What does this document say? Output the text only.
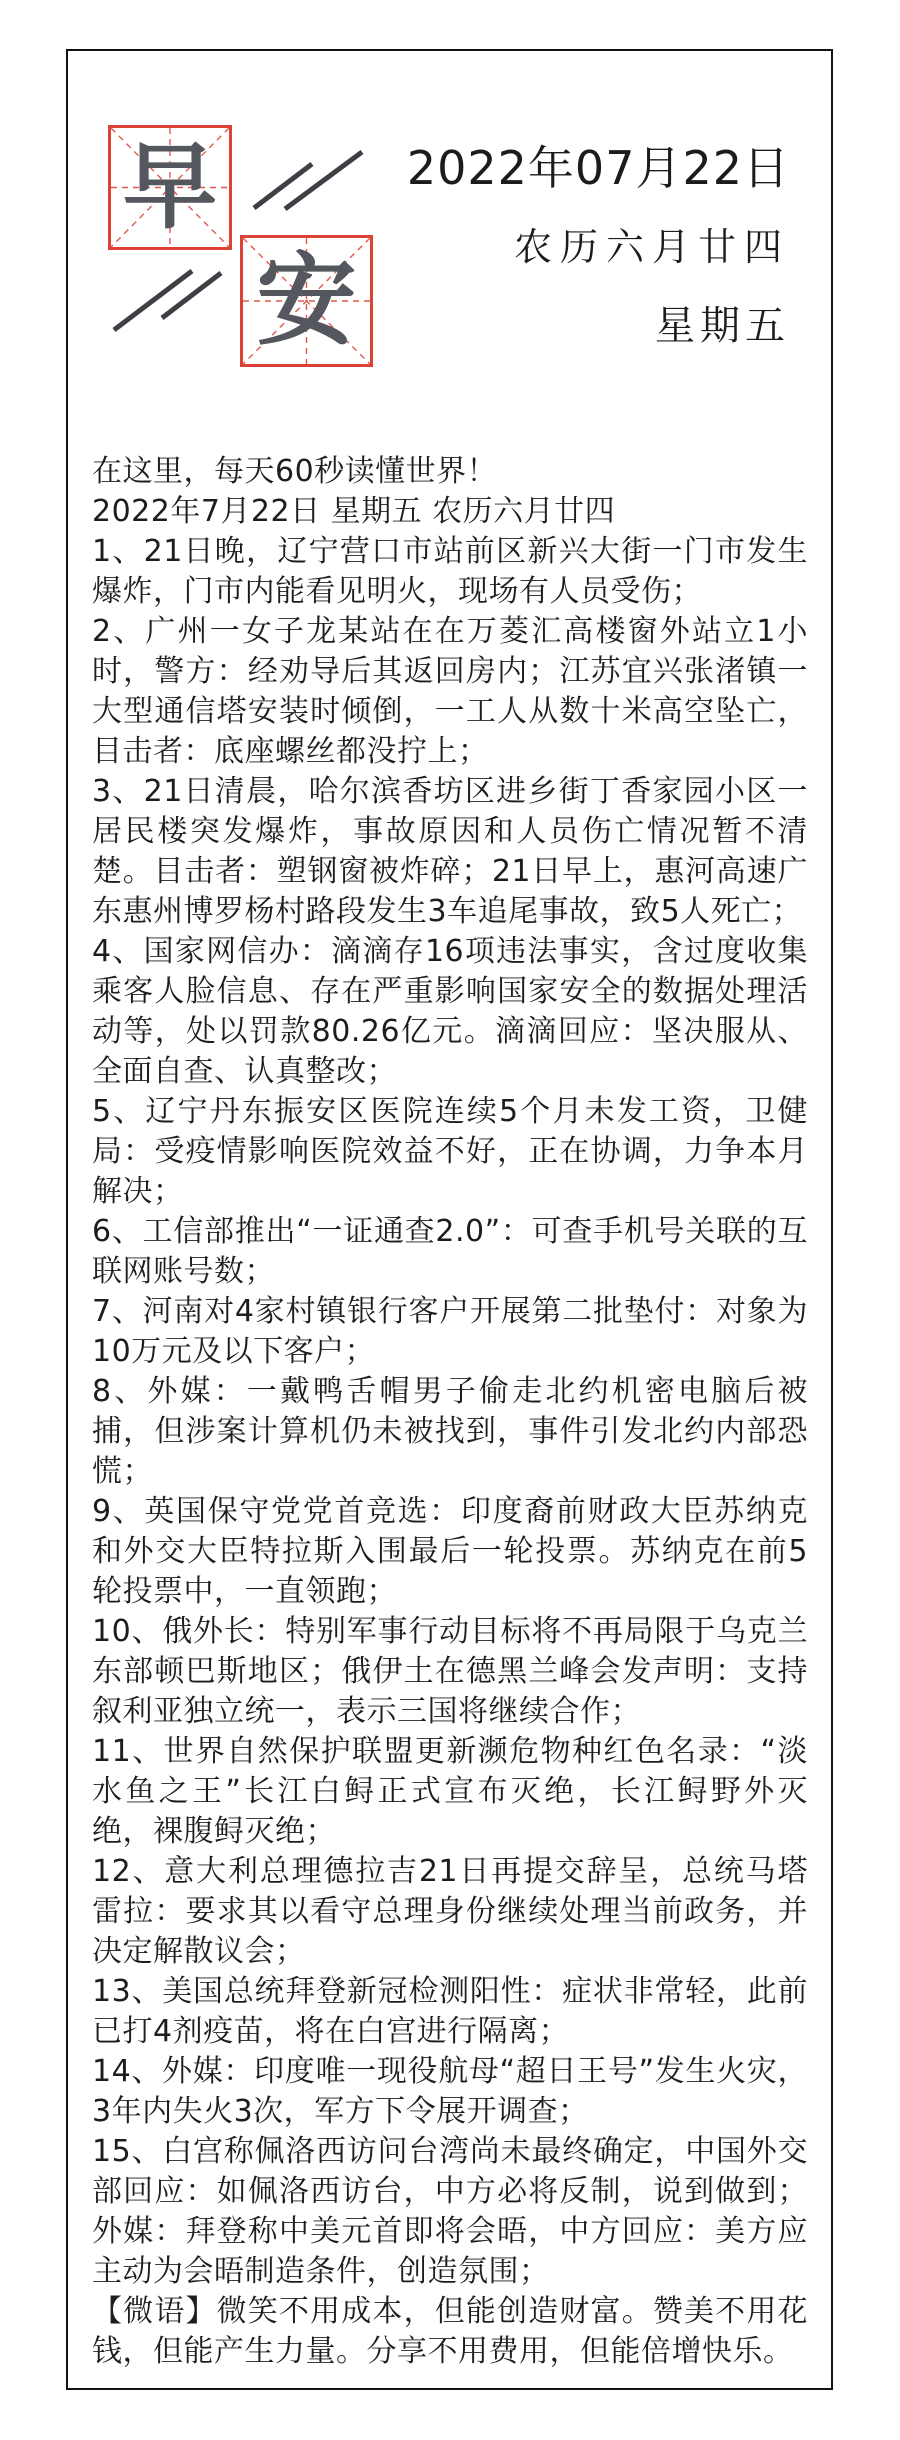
早
安
2022年07月22日
农历六月廿四
星期五

在这里，每天60秒读懂世界！

2022年7月22日 星期五 农历六月廿四

1、21日晚，辽宁营口市站前区新兴大街一门市发生爆炸，门市内能看见明火，现场有人员受伤；

2、广州一女子龙某站在在万菱汇高楼窗外站立1小时，警方：经劝导后其返回房内；江苏宜兴张渚镇一大型通信塔安装时倾倒，一工人从数十米高空坠亡，目击者：底座螺丝都没拧上；

3、21日清晨，哈尔滨香坊区进乡街丁香家园小区一居民楼突发爆炸，事故原因和人员伤亡情况暂不清楚。目击者：塑钢窗被炸碎；21日早上，惠河高速广东惠州博罗杨村路段发生3车追尾事故，致5人死亡；

4、国家网信办：滴滴存16项违法事实，含过度收集乘客人脸信息、存在严重影响国家安全的数据处理活动等，处以罚款80.26亿元。滴滴回应：坚决服从、全面自查、认真整改；

5、辽宁丹东振安区医院连续5个月未发工资，卫健局：受疫情影响医院效益不好，正在协调，力争本月解决；

6、工信部推出“一证通查2.0”：可查手机号关联的互联网账号数；

7、河南对4家村镇银行客户开展第二批垫付：对象为10万元及以下客户；

8、外媒：一戴鸭舌帽男子偷走北约机密电脑后被捕，但涉案计算机仍未被找到，事件引发北约内部恐慌；

9、英国保守党党首竞选：印度裔前财政大臣苏纳克和外交大臣特拉斯入围最后一轮投票。苏纳克在前5轮投票中，一直领跑；

10、俄外长：特别军事行动目标将不再局限于乌克兰东部顿巴斯地区；俄伊土在德黑兰峰会发声明：支持叙利亚独立统一，表示三国将继续合作；

11、世界自然保护联盟更新濒危物种红色名录：“淡水鱼之王”长江白鲟正式宣布灭绝，长江鲟野外灭绝，裸腹鲟灭绝；

12、意大利总理德拉吉21日再提交辞呈，总统马塔雷拉：要求其以看守总理身份继续处理当前政务，并决定解散议会；

13、美国总统拜登新冠检测阳性：症状非常轻，此前已打4剂疫苗，将在白宫进行隔离；

14、外媒：印度唯一现役航母“超日王号”发生火灾，3年内失火3次，军方下令展开调查；

15、白宫称佩洛西访问台湾尚未最终确定，中国外交部回应：如佩洛西访台，中方必将反制，说到做到；外媒：拜登称中美元首即将会晤，中方回应：美方应主动为会晤制造条件，创造氛围；

【微语】微笑不用成本，但能创造财富。赞美不用花钱，但能产生力量。分享不用费用，但能倍增快乐。
